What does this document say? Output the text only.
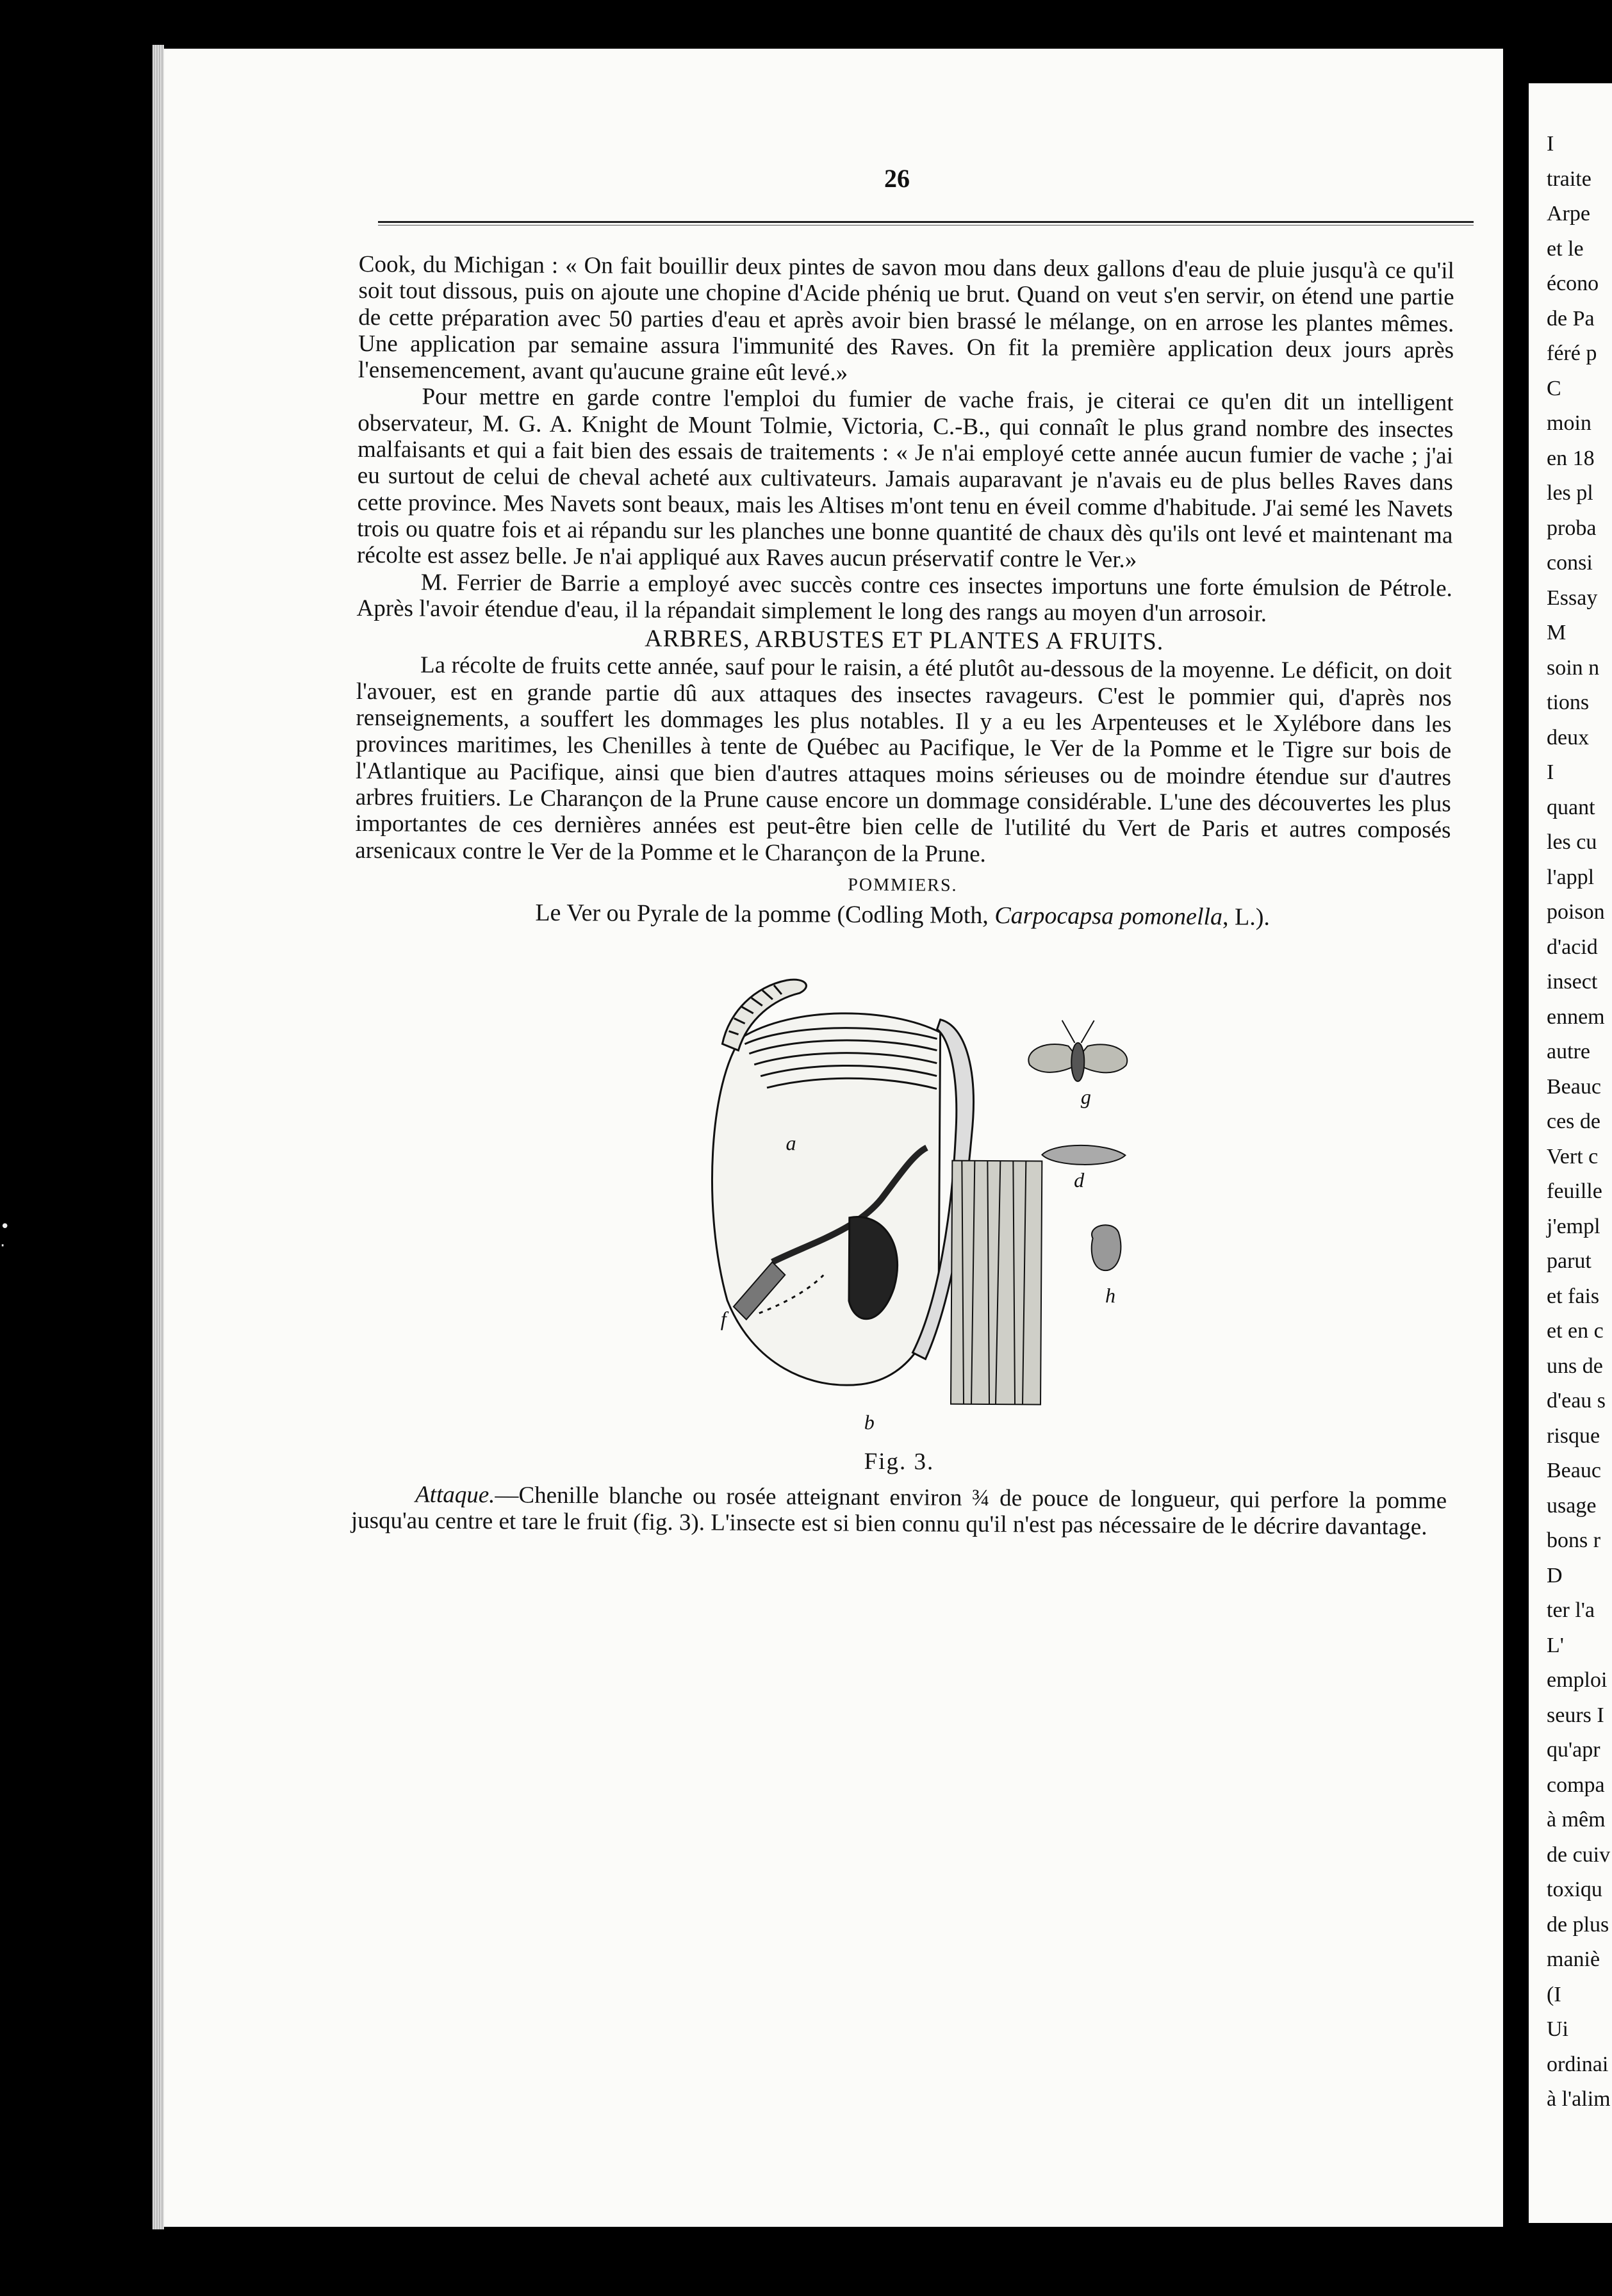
•
·
I
traite
Arpe
et le
écono
de Pa
féré p
C
moin
en 18
les pl
proba
consi
Essay
M
soin n
tions
deux
I
quant
les cu
l'appl
poison
d'acid
insect
ennem
autre
Beauc
ces de
Vert c
feuille
j'empl
parut
et fais
et en c
uns de
d'eau s
risque
Beauc
usage
bons r
D
ter l'a
L'
emploi
seurs I
qu'apr
compa
à mêm
de cuiv
toxiqu
de plus
maniè
(I
Ui
ordinai
à l'alim
26

Cook, du Michigan : « On fait bouillir deux pintes de savon mou dans deux gallons d'eau de pluie jusqu'à ce qu'il soit tout dissous, puis on ajoute une chopine d'Acide phéniq ue brut. Quand on veut s'en servir, on étend une partie de cette préparation avec 50 parties d'eau et après avoir bien brassé le mélange, on en arrose les plantes mêmes. Une application par semaine assura l'immunité des Raves. On fit la première application deux jours après l'ensemencement, avant qu'aucune graine eût levé.»

Pour mettre en garde contre l'emploi du fumier de vache frais, je citerai ce qu'en dit un intelligent observateur, M. G. A. Knight de Mount Tolmie, Victoria, C.-B., qui connaît le plus grand nombre des insectes malfaisants et qui a fait bien des essais de traitements : « Je n'ai employé cette année aucun fumier de vache ; j'ai eu surtout de celui de cheval acheté aux cultivateurs. Jamais auparavant je n'avais eu de plus belles Raves dans cette province. Mes Navets sont beaux, mais les Altises m'ont tenu en éveil comme d'habitude. J'ai semé les Navets trois ou quatre fois et ai répandu sur les planches une bonne quantité de chaux dès qu'ils ont levé et maintenant ma récolte est assez belle. Je n'ai appliqué aux Raves aucun préservatif contre le Ver.»

M. Ferrier de Barrie a employé avec succès contre ces insectes importuns une forte émulsion de Pétrole. Après l'avoir étendue d'eau, il la répandait simplement le long des rangs au moyen d'un arrosoir.

ARBRES, ARBUSTES ET PLANTES A FRUITS.

La récolte de fruits cette année, sauf pour le raisin, a été plutôt au-dessous de la moyenne. Le déficit, on doit l'avouer, est en grande partie dû aux attaques des insectes ravageurs. C'est le pommier qui, d'après nos renseignements, a souffert les dommages les plus notables. Il y a eu les Arpenteuses et le Xylébore dans les provinces maritimes, les Chenilles à tente de Québec au Pacifique, le Ver de la Pomme et le Tigre sur bois de l'Atlantique au Pacifique, ainsi que bien d'autres attaques moins sérieuses ou de moindre étendue sur d'autres arbres fruitiers. Le Charançon de la Prune cause encore un dommage considérable. L'une des découvertes les plus importantes de ces dernières années est peut-être bien celle de l'utilité du Vert de Paris et autres composés arsenicaux contre le Ver de la Pomme et le Charançon de la Prune.

POMMIERS.
Le Ver ou Pyrale de la pomme (Codling Moth, Carpocapsa pomonella, L.).
a
b
d
f
g
h
Fig. 3.

Attaque.—Chenille blanche ou rosée atteignant environ ¾ de pouce de longueur, qui perfore la pomme jusqu'au centre et tare le fruit (fig. 3). L'insecte est si bien connu qu'il n'est pas nécessaire de le décrire davantage.
